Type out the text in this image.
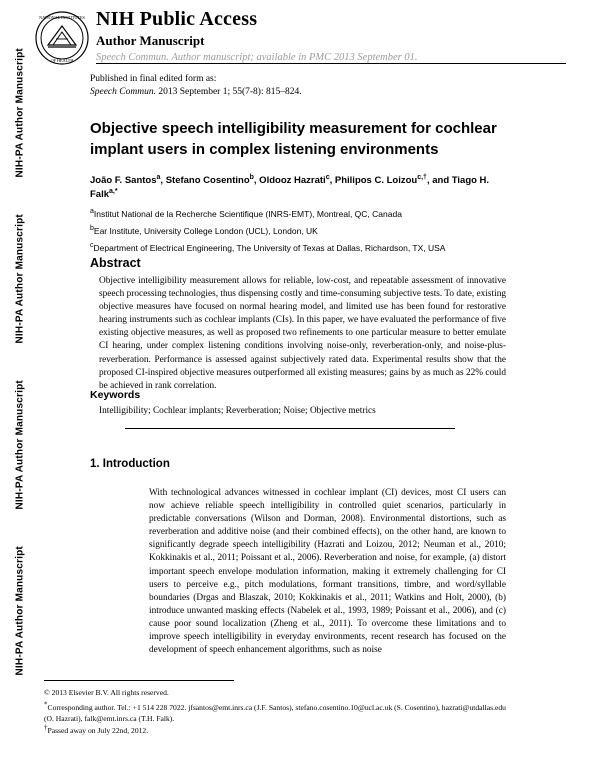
NIH-PA Author Manuscript
NIH-PA Author Manuscript
NIH-PA Author Manuscript
NIH-PA Author Manuscript
NATIONAL INSTITUTES
OF HEALTH
NIH Public Access
Author Manuscript
Speech Commun. Author manuscript; available in PMC 2013 September 01.
Published in final edited form as:
Speech Commun. 2013 September 1; 55(7-8): 815–824.
Objective speech intelligibility measurement for cochlear implant users in complex listening environments
João F. Santos$^a$, Stefano Cosentino$^b$, Oldooz Hazrati$^c$, Philipos C. Loizou$^{c,\dagger}$, and Tiago H. Falk$^{a,*}$
$^a$Institut National de la Recherche Scientifique (INRS-EMT), Montreal, QC, Canada
$^b$Ear Institute, University College London (UCL), London, UK
$^c$Department of Electrical Engineering, The University of Texas at Dallas, Richardson, TX, USA
Abstract
Objective intelligibility measurement allows for reliable, low-cost, and repeatable assessment of innovative speech processing technologies, thus dispensing costly and time-consuming subjective tests. To date, existing objective measures have focused on normal hearing model, and limited use has been found for restorative hearing instruments such as cochlear implants (CIs). In this paper, we have evaluated the performance of five existing objective measures, as well as proposed two refinements to one particular measure to better emulate CI hearing, under complex listening conditions involving noise-only, reverberation-only, and noise-plus-reverberation. Performance is assessed against subjectively rated data. Experimental results show that the proposed CI-inspired objective measures outperformed all existing measures; gains by as much as 22% could be achieved in rank correlation.
Keywords
Intelligibility; Cochlear implants; Reverberation; Noise; Objective metrics
1. Introduction
With technological advances witnessed in cochlear implant (CI) devices, most CI users can now achieve reliable speech intelligibility in controlled quiet scenarios, particularly in predictable conversations (Wilson and Dorman, 2008). Environmental distortions, such as reverberation and additive noise (and their combined effects), on the other hand, are known to significantly degrade speech intelligibility (Hazrati and Loizou, 2012; Neuman et al., 2010; Kokkinakis et al., 2011; Poissant et al., 2006). Reverberation and noise, for example, (a) distort important speech envelope modulation information, making it extremely challenging for CI users to perceive e.g., pitch modulations, formant transitions, timbre, and word/syllable boundaries (Drgas and Blaszak, 2010; Kokkinakis et al., 2011; Watkins and Holt, 2000), (b) introduce unwanted masking effects (Nabelek et al., 1993, 1989; Poissant et al., 2006), and (c) cause poor sound localization (Zheng et al., 2011). To overcome these limitations and to improve speech intelligibility in everyday environments, recent research has focused on the development of speech enhancement algorithms, such as noise
© 2013 Elsevier B.V. All rights reserved.
*Corresponding author. Tel.: +1 514 228 7022. jfsantos@emt.inrs.ca (J.F. Santos), stefano.cosentino.10@ucl.ac.uk (S. Cosentino), hazrati@utdallas.edu (O. Hazrati), falk@emt.inrs.ca (T.H. Falk).
†Passed away on July 22nd, 2012.
